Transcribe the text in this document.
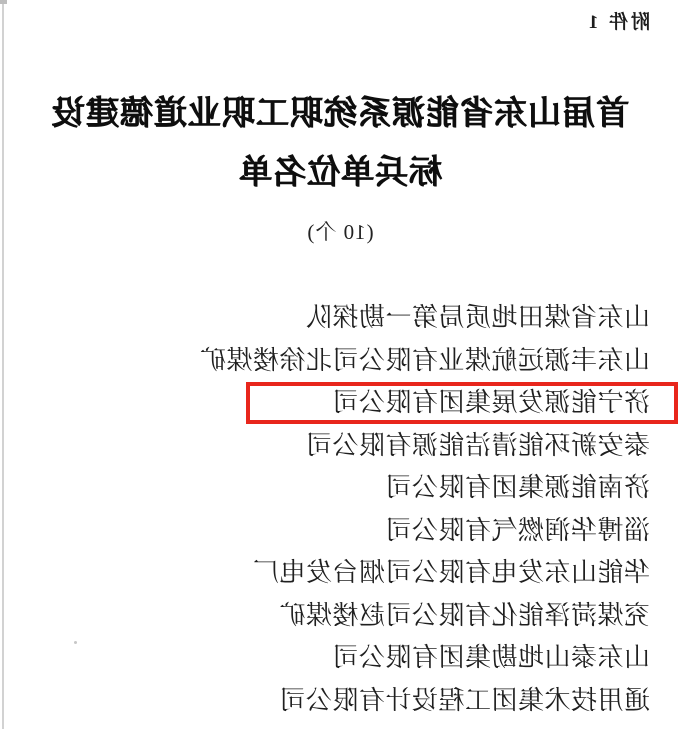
附件 1
首届山东省能源系统职工职业道德建设
标兵单位名单
(10 个)
山东省煤田地质局第一勘探队
山东丰源远航煤业有限公司北徐楼煤矿
济宁能源发展集团有限公司
泰安新环能清洁能源有限公司
济南能源集团有限公司
淄博华润燃气有限公司
华能山东发电有限公司烟台发电厂
兖煤菏泽能化有限公司赵楼煤矿
山东泰山地勘集团有限公司
通用技术集团工程设计有限公司
